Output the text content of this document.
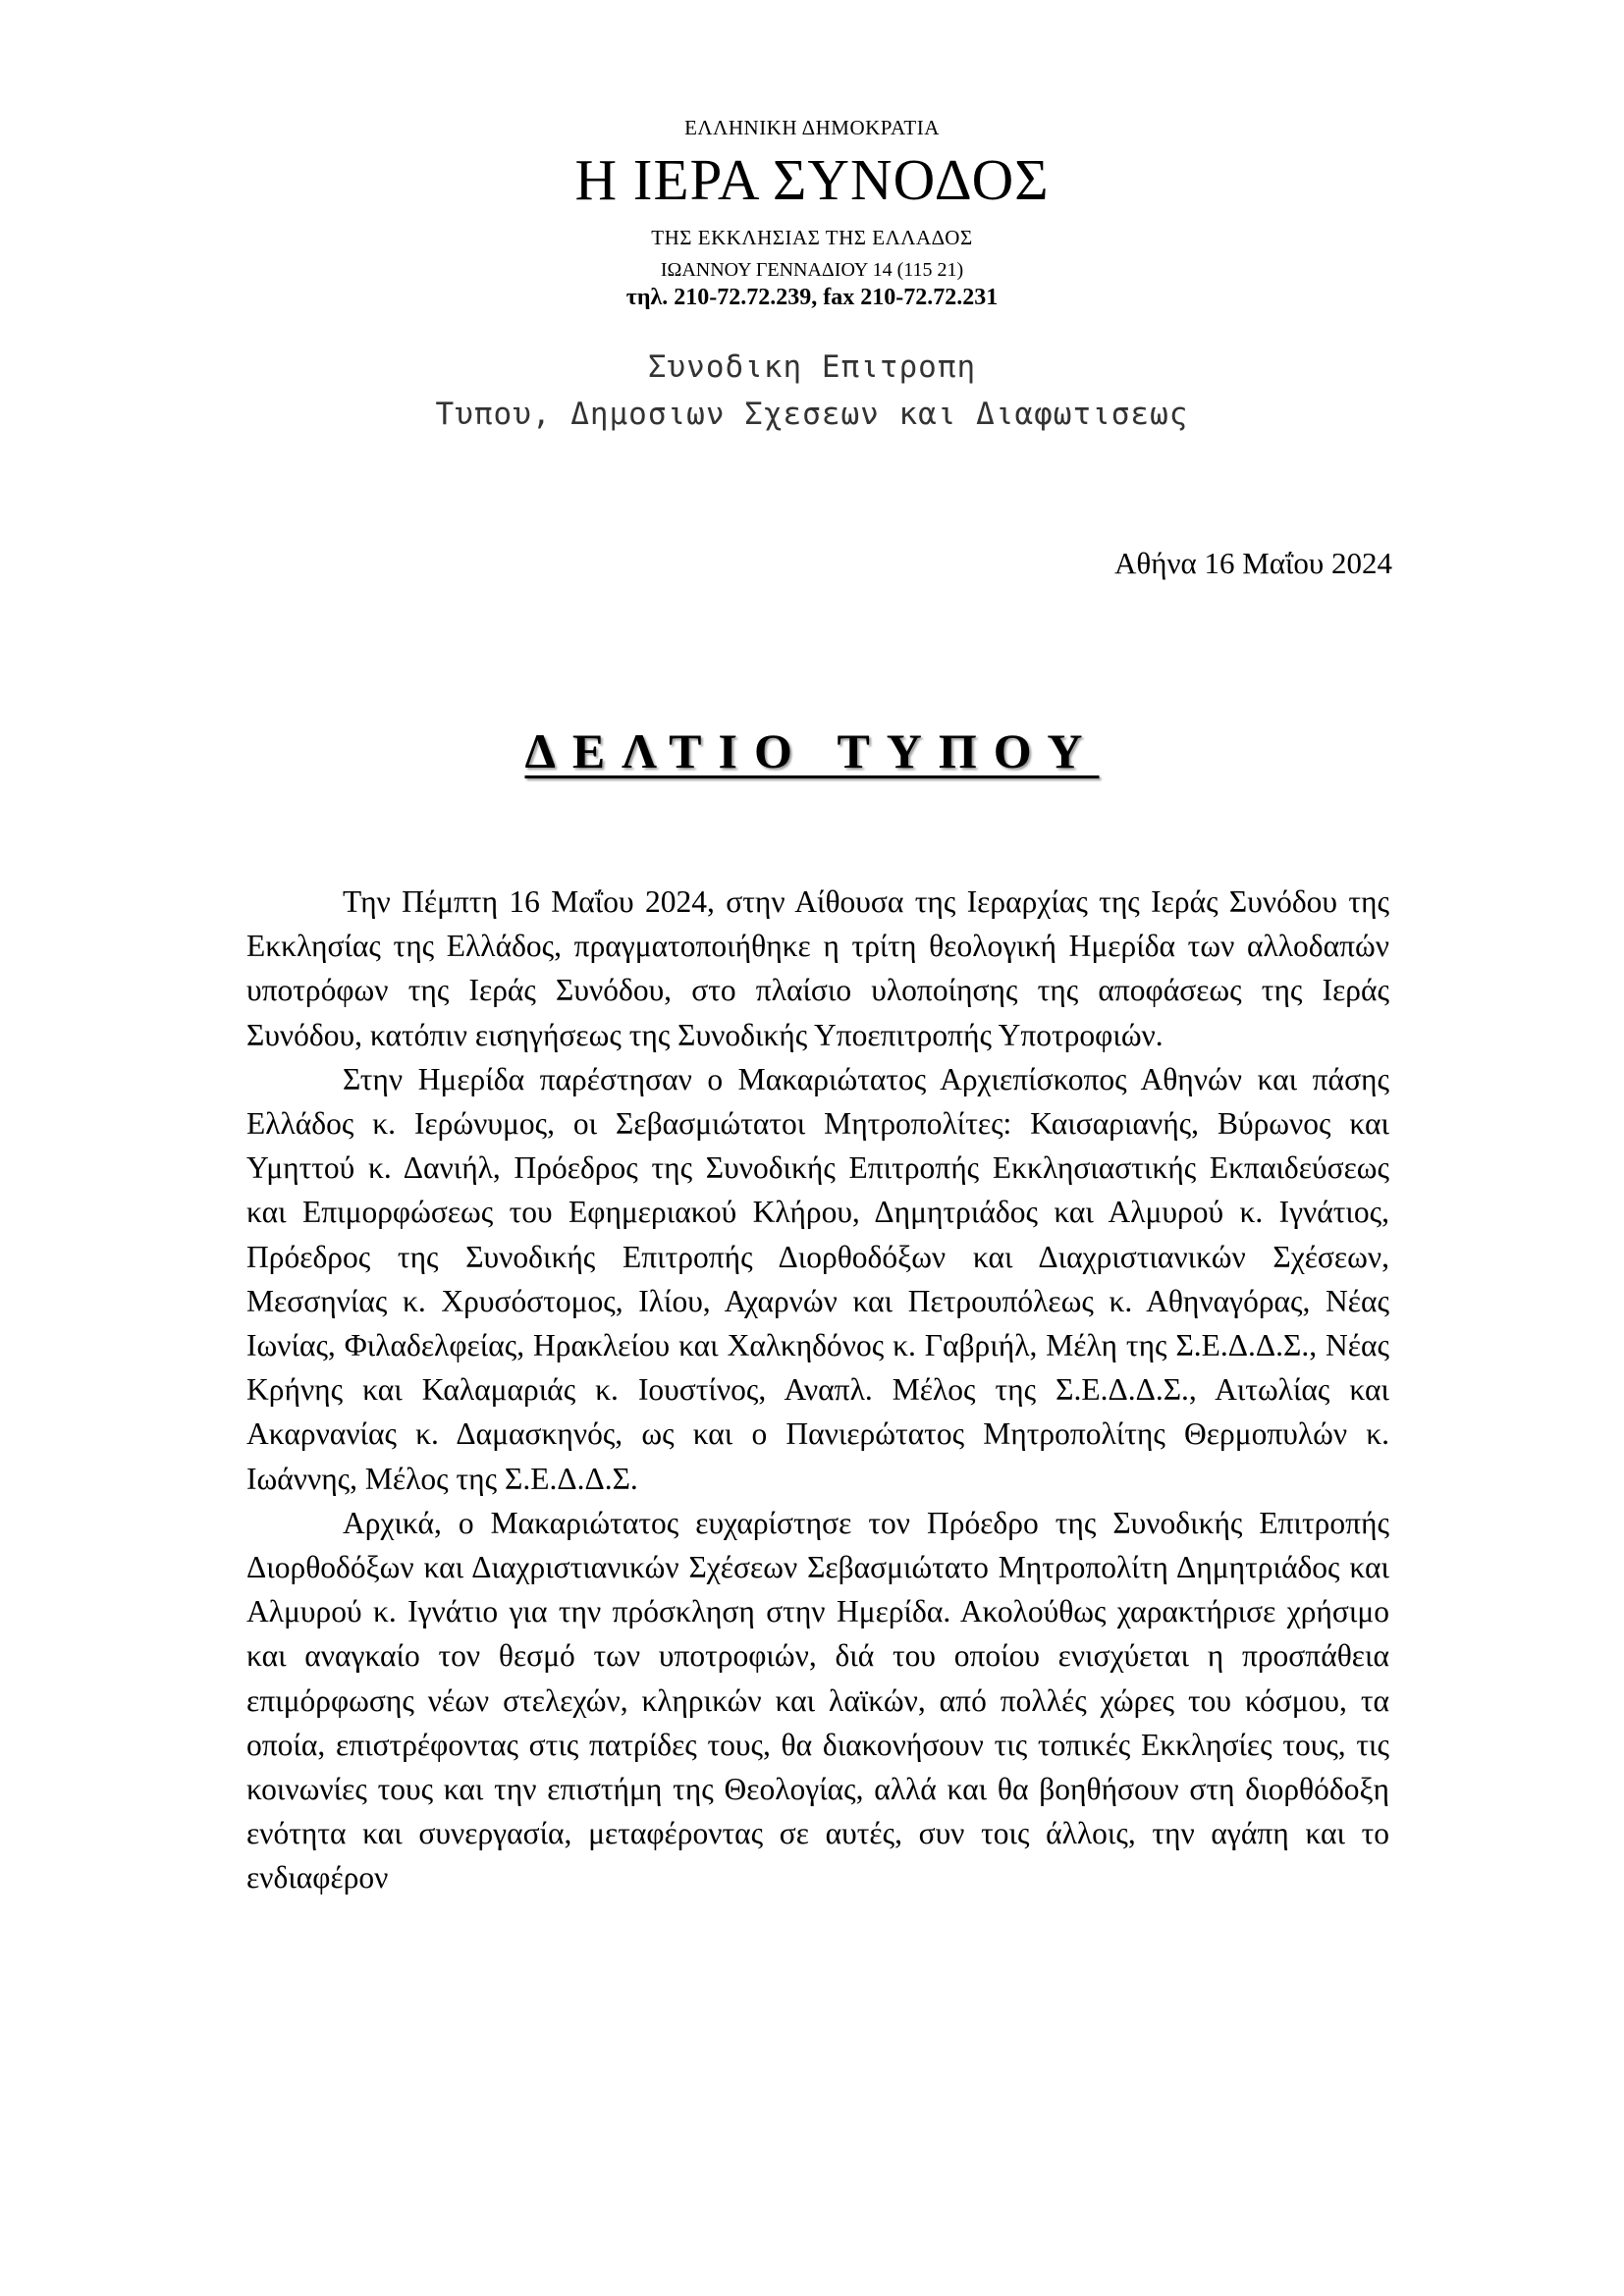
ΕΛΛΗΝΙΚΗ ΔΗΜΟΚΡΑΤΙΑ
Η ΙΕΡΑ ΣΥΝΟΔΟΣ
ΤΗΣ ΕΚΚΛΗΣΙΑΣ ΤΗΣ ΕΛΛΑΔΟΣ
ΙΩΑΝΝΟΥ ΓΕΝΝΑΔΙΟΥ 14 (115 21)
τηλ. 210-72.72.239, fax 210-72.72.231
Συνοδικη Επιτροπη
Τυπου, Δημοσιων Σχεσεων και Διαφωτισεως
Αθήνα 16 Μαΐου 2024
ΔΕΛΤΙΟ ΤΥΠΟΥ

Την Πέμπτη 16 Μαΐου 2024, στην Αίθουσα της Ιεραρχίας της Ιεράς Συνόδου της Εκκλησίας της Ελλάδος, πραγματοποιήθηκε η τρίτη θεολογική Ημερίδα των αλλοδαπών υποτρόφων της Ιεράς Συνόδου, στο πλαίσιο υλοποίησης της αποφάσεως της Ιεράς Συνόδου, κατόπιν εισηγήσεως της Συνοδικής Υποεπιτροπής Υποτροφιών.

Στην Ημερίδα παρέστησαν ο Μακαριώτατος Αρχιεπίσκοπος Αθηνών και πάσης Ελλάδος κ. Ιερώνυμος, οι Σεβασμιώτατοι Μητροπολίτες: Καισαριανής, Βύρωνος και Υμηττού κ. Δανιήλ, Πρόεδρος της Συνοδικής Επιτροπής Εκκλησιαστικής Εκπαιδεύσεως και Επιμορφώσεως του Εφημεριακού Κλήρου, Δημητριάδος και Αλμυρού κ. Ιγνάτιος, Πρόεδρος της Συνοδικής Επιτροπής Διορθοδόξων και Διαχριστιανικών Σχέσεων, Μεσσηνίας κ. Χρυσόστομος, Ιλίου, Αχαρνών και Πετρουπόλεως κ. Αθηναγόρας, Νέας Ιωνίας, Φιλαδελφείας, Ηρακλείου και Χαλκηδόνος κ. Γαβριήλ, Μέλη της Σ.Ε.Δ.Δ.Σ., Νέας Κρήνης και Καλαμαριάς κ. Ιουστίνος, Αναπλ. Μέλος της Σ.Ε.Δ.Δ.Σ., Αιτωλίας και Ακαρνανίας κ. Δαμασκηνός, ως και ο Πανιερώτατος Μητροπολίτης Θερμοπυλών κ. Ιωάννης, Μέλος της Σ.Ε.Δ.Δ.Σ.

Αρχικά, ο Μακαριώτατος ευχαρίστησε τον Πρόεδρο της Συνοδικής Επιτροπής Διορθοδόξων και Διαχριστιανικών Σχέσεων Σεβασμιώτατο Μητροπολίτη Δημητριάδος και Αλμυρού κ. Ιγνάτιο για την πρόσκληση στην Ημερίδα. Ακολούθως χαρακτήρισε χρήσιμο και αναγκαίο τον θεσμό των υποτροφιών, διά του οποίου ενισχύεται η προσπάθεια επιμόρφωσης νέων στελεχών, κληρικών και λαϊκών, από πολλές χώρες του κόσμου, τα οποία, επιστρέφοντας στις πατρίδες τους, θα διακονήσουν τις τοπικές Εκκλησίες τους, τις κοινωνίες τους και την επιστήμη της Θεολογίας, αλλά και θα βοηθήσουν στη διορθόδοξη ενότητα και συνεργασία, μεταφέροντας σε αυτές, συν τοις άλλοις, την αγάπη και το ενδιαφέρον
